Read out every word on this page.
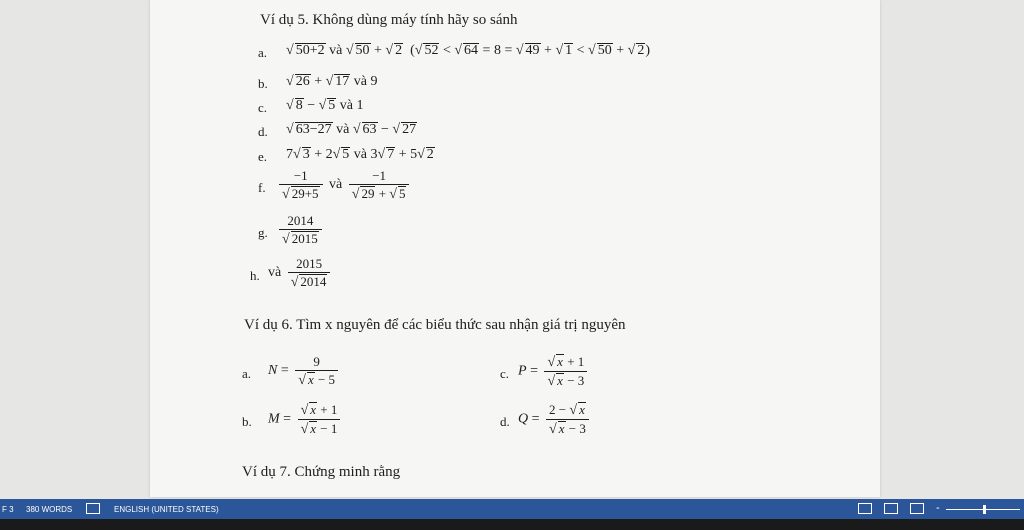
Ví dụ 5. Không dùng máy tính hãy so sánh
a. √ 50+2 và √ 50 + √ 2  (√ 52 < √ 64 = 8 = √ 49 + √ 1 < √ 50 + √ 2)
b. √ 26 + √ 17 và 9
c. √ 8 − √ 5 và 1
d. √ 63−27 và √ 63 − √ 27
e. 7√ 3 + 2√ 5 và 3√ 7 + 5√ 2
f. $\frac{-1}{√ 29+5}$ và $\frac{-1}{√ 29 + √ 5}$
g. $\frac{2014}{√ 2015}$
h. và $\frac{2015}{√ 2014}$
Ví dụ 6. Tìm x nguyên để các biểu thức sau nhận giá trị nguyên
a. $N = \frac{9}{√ x - 5}$	c. $P = \frac{√ x + 1}{√ x - 3}$
b. $M = \frac{√ x + 1}{√ x - 1}$	d. $Q = \frac{2 - √ x}{√ x - 3}$
Ví dụ 7. Chứng minh rằng
F 3 380 WORDS	ENGLISH (UNITED STATES)	-
